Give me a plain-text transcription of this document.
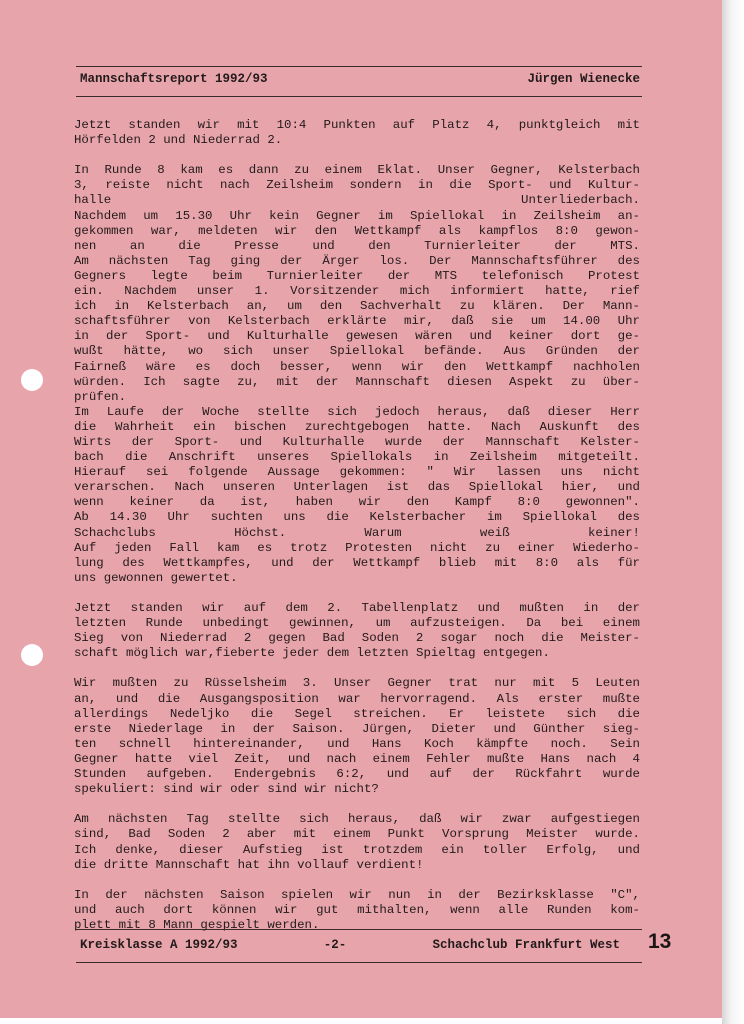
Mannschaftsreport 1992/93	Jürgen Wienecke
Jetzt standen wir mit 10:4 Punkten auf Platz 4, punktgleich mit
Hörfelden 2 und Niederrad 2.
In Runde 8 kam es dann zu einem Eklat. Unser Gegner, Kelsterbach
3, reiste nicht nach Zeilsheim sondern in die Sport- und Kultur-
halle Unterliederbach.
Nachdem um 15.30 Uhr kein Gegner im Spiellokal in Zeilsheim an-
gekommen war, meldeten wir den Wettkampf als kampflos 8:0 gewon-
nen an die Presse und den Turnierleiter der MTS.
Am nächsten Tag ging der Ärger los. Der Mannschaftsführer des
Gegners legte beim Turnierleiter der MTS telefonisch Protest
ein. Nachdem unser 1. Vorsitzender mich informiert hatte, rief
ich in Kelsterbach an, um den Sachverhalt zu klären. Der Mann-
schaftsführer von Kelsterbach erklärte mir, daß sie um 14.00 Uhr
in der Sport- und Kulturhalle gewesen wären und keiner dort ge-
wußt hätte, wo sich unser Spiellokal befände. Aus Gründen der
Fairneß wäre es doch besser, wenn wir den Wettkampf nachholen
würden. Ich sagte zu, mit der Mannschaft diesen Aspekt zu über-
prüfen.
Im Laufe der Woche stellte sich jedoch heraus, daß dieser Herr
die Wahrheit ein bischen zurechtgebogen hatte. Nach Auskunft des
Wirts der Sport- und Kulturhalle wurde der Mannschaft Kelster-
bach die Anschrift unseres Spiellokals in Zeilsheim mitgeteilt.
Hierauf sei folgende Aussage gekommen: " Wir lassen uns nicht
verarschen. Nach unseren Unterlagen ist das Spiellokal hier, und
wenn keiner da ist, haben wir den Kampf 8:0 gewonnen".
Ab 14.30 Uhr suchten uns die Kelsterbacher im Spiellokal des
Schachclubs Höchst. Warum weiß keiner!
Auf jeden Fall kam es trotz Protesten nicht zu einer Wiederho-
lung des Wettkampfes, und der Wettkampf blieb mit 8:0 als für
uns gewonnen gewertet.
Jetzt standen wir auf dem 2. Tabellenplatz und mußten in der
letzten Runde unbedingt gewinnen, um aufzusteigen. Da bei einem
Sieg von Niederrad 2 gegen Bad Soden 2 sogar noch die Meister-
schaft möglich war,fieberte jeder dem letzten Spieltag entgegen.
Wir mußten zu Rüsselsheim 3. Unser Gegner trat nur mit 5 Leuten
an, und die Ausgangsposition war hervorragend. Als erster mußte
allerdings Nedeljko die Segel streichen. Er leistete sich die
erste Niederlage in der Saison. Jürgen, Dieter und Günther sieg-
ten schnell hintereinander, und Hans Koch kämpfte noch. Sein
Gegner hatte viel Zeit, und nach einem Fehler mußte Hans nach 4
Stunden aufgeben. Endergebnis 6:2, und auf der Rückfahrt wurde
spekuliert: sind wir oder sind wir nicht?
Am nächsten Tag stellte sich heraus, daß wir zwar aufgestiegen
sind, Bad Soden 2 aber mit einem Punkt Vorsprung Meister wurde.
Ich denke, dieser Aufstieg ist trotzdem ein toller Erfolg, und
die dritte Mannschaft hat ihn vollauf verdient!
In der nächsten Saison spielen wir nun in der Bezirksklasse "C",
und auch dort können wir gut mithalten, wenn alle Runden kom-
plett mit 8 Mann gespielt werden.
Kreisklasse A 1992/93	-2-	Schachclub Frankfurt West 13
